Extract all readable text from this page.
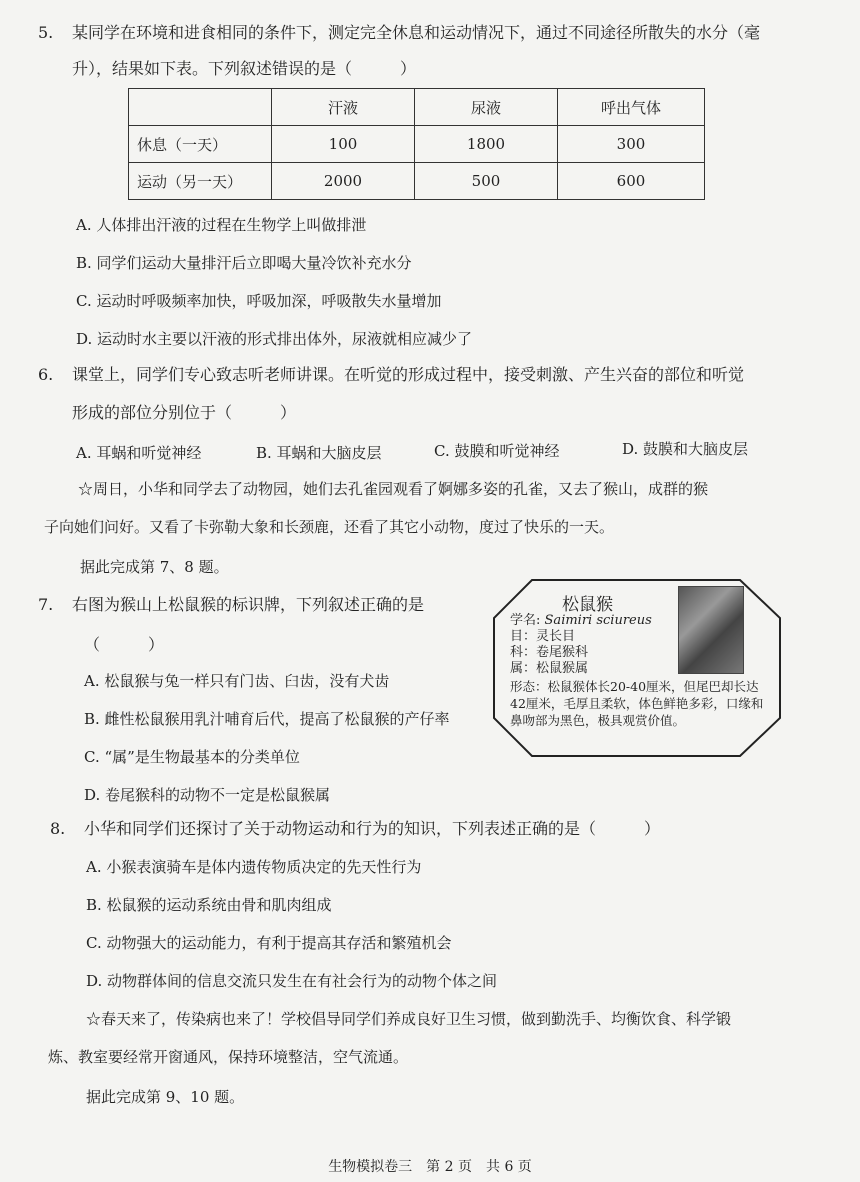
5. 某同学在环境和进食相同的条件下，测定完全休息和运动情况下，通过不同途径所散失的水分（毫
升），结果如下表。下列叙述错误的是（　　　）
	汗液	尿液	呼出气体
休息（一天）	100	1800	300
运动（另一天）	2000	500	600
A. 人体排出汗液的过程在生物学上叫做排泄
B. 同学们运动大量排汗后立即喝大量冷饮补充水分
C. 运动时呼吸频率加快，呼吸加深，呼吸散失水量增加
D. 运动时水主要以汗液的形式排出体外，尿液就相应减少了
6. 课堂上，同学们专心致志听老师讲课。在听觉的形成过程中，接受刺激、产生兴奋的部位和听觉
形成的部位分别位于（　　　）
A. 耳蜗和听觉神经	B. 耳蜗和大脑皮层	C. 鼓膜和听觉神经	D. 鼓膜和大脑皮层
☆周日，小华和同学去了动物园，她们去孔雀园观看了婀娜多姿的孔雀，又去了猴山，成群的猴
子向她们问好。又看了卡弥勒大象和长颈鹿，还看了其它小动物，度过了快乐的一天。
据此完成第 7、8 题。
7. 右图为猴山上松鼠猴的标识牌，下列叙述正确的是
（　　　）
A. 松鼠猴与兔一样只有门齿、臼齿，没有犬齿
B. 雌性松鼠猴用乳汁哺育后代，提高了松鼠猴的产仔率
C. “属”是生物最基本的分类单位
D. 卷尾猴科的动物不一定是松鼠猴属
松鼠猴
学名: Saimiri sciureus
目：灵长目
科：卷尾猴科
属：松鼠猴属
形态：松鼠猴体长20-40厘米，但尾巴却长达42厘米，毛厚且柔软，体色鲜艳多彩，口缘和鼻吻部为黑色，极具观赏价值。
8. 小华和同学们还探讨了关于动物运动和行为的知识，下列表述正确的是（　　　）
A. 小猴表演骑车是体内遗传物质决定的先天性行为
B. 松鼠猴的运动系统由骨和肌肉组成
C. 动物强大的运动能力，有利于提高其存活和繁殖机会
D. 动物群体间的信息交流只发生在有社会行为的动物个体之间
☆春天来了，传染病也来了！学校倡导同学们养成良好卫生习惯，做到勤洗手、均衡饮食、科学锻
炼、教室要经常开窗通风，保持环境整洁，空气流通。
据此完成第 9、10 题。
生物模拟卷三　第 2 页　共 6 页
